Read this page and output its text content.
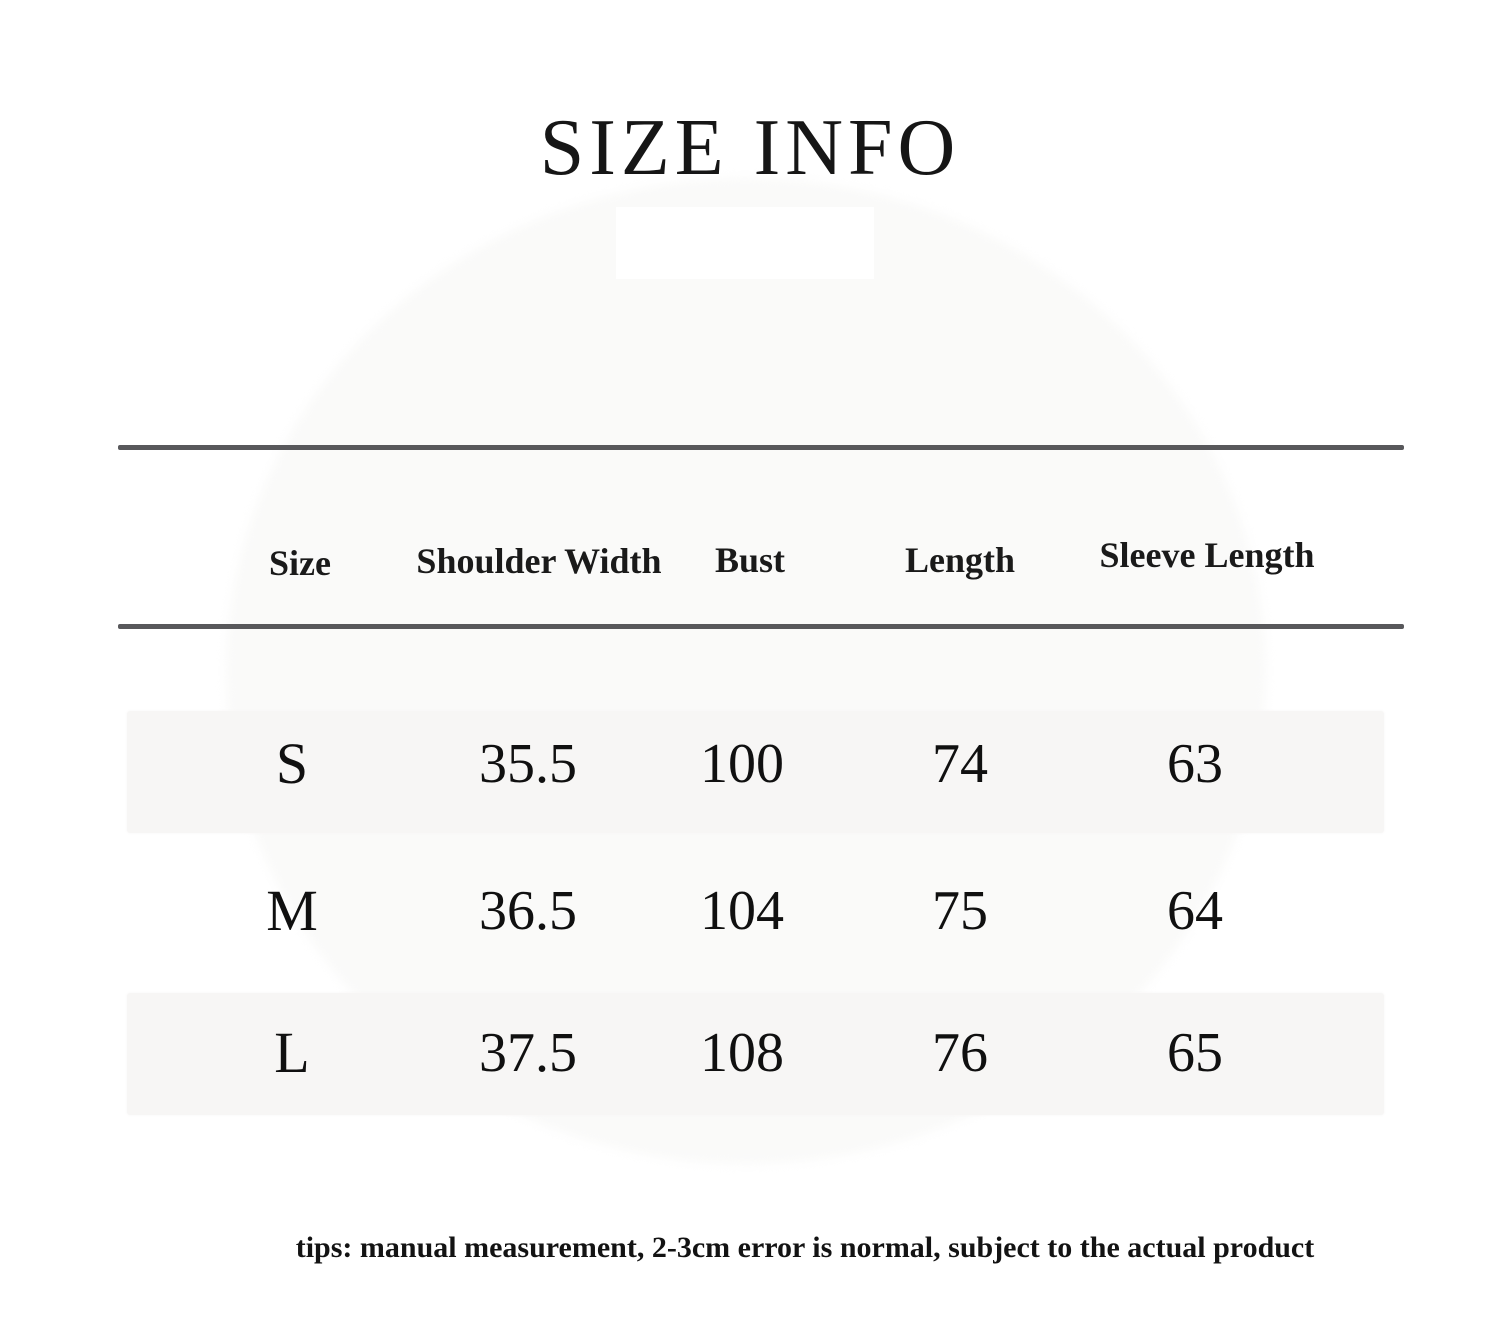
SIZE INFO
Size	Shoulder Width	Bust	Length	Sleeve Length
S	35.5	100	74	63
M	36.5	104	75	64
L	37.5	108	76	65
tips: manual measurement, 2-3cm error is normal, subject to the actual product
